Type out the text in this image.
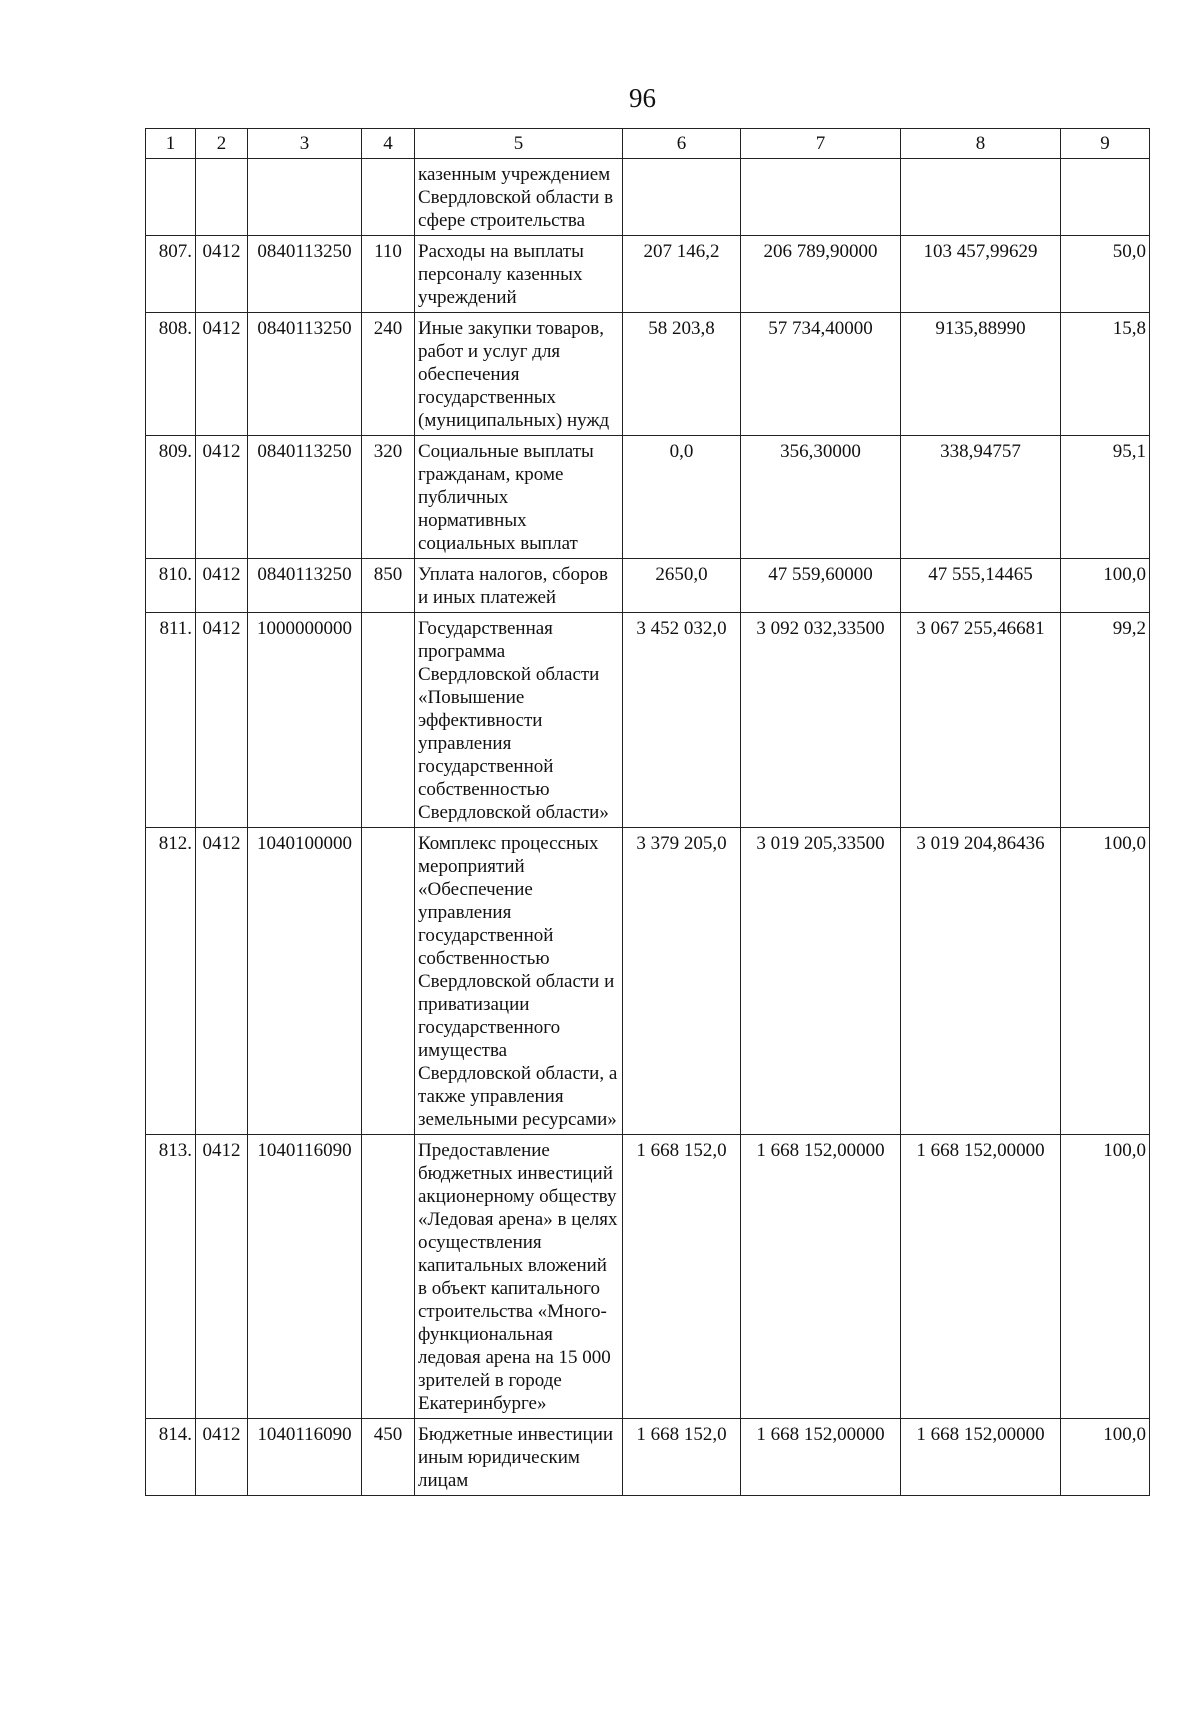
96
1	2	3	4	5	6	7	8	9
				казенным учреждением Свердловской области в сфере строительства				
807.	0412	0840113250	110	Расходы на выплаты персоналу казенных учреждений	207 146,2	206 789,90000	103 457,99629	50,0
808.	0412	0840113250	240	Иные закупки товаров, работ и услуг для обеспечения государственных (муниципальных) нужд	58 203,8	57 734,40000	9135,88990	15,8
809.	0412	0840113250	320	Социальные выплаты гражданам, кроме публичных нормативных социальных выплат	0,0	356,30000	338,94757	95,1
810.	0412	0840113250	850	Уплата налогов, сборов и иных платежей	2650,0	47 559,60000	47 555,14465	100,0
811.	0412	1000000000		Государственная программа Свердловской области «Повышение эффективности управления государственной собственностью Свердловской области»	3 452 032,0	3 092 032,33500	3 067 255,46681	99,2
812.	0412	1040100000		Комплекс процессных мероприятий «Обеспечение управления государственной собственностью Свердловской области и приватизации государственного имущества Свердловской области, а также управления земельными ресурсами»	3 379 205,0	3 019 205,33500	3 019 204,86436	100,0
813.	0412	1040116090		Предоставление бюджетных инвестиций акционерному обществу «Ледовая арена» в целях осуществления капитальных вложений в объект капитального строительства «Много-функциональная ледовая арена на 15 000 зрителей в городе Екатеринбурге»	1 668 152,0	1 668 152,00000	1 668 152,00000	100,0
814.	0412	1040116090	450	Бюджетные инвестиции иным юридическим лицам	1 668 152,0	1 668 152,00000	1 668 152,00000	100,0
